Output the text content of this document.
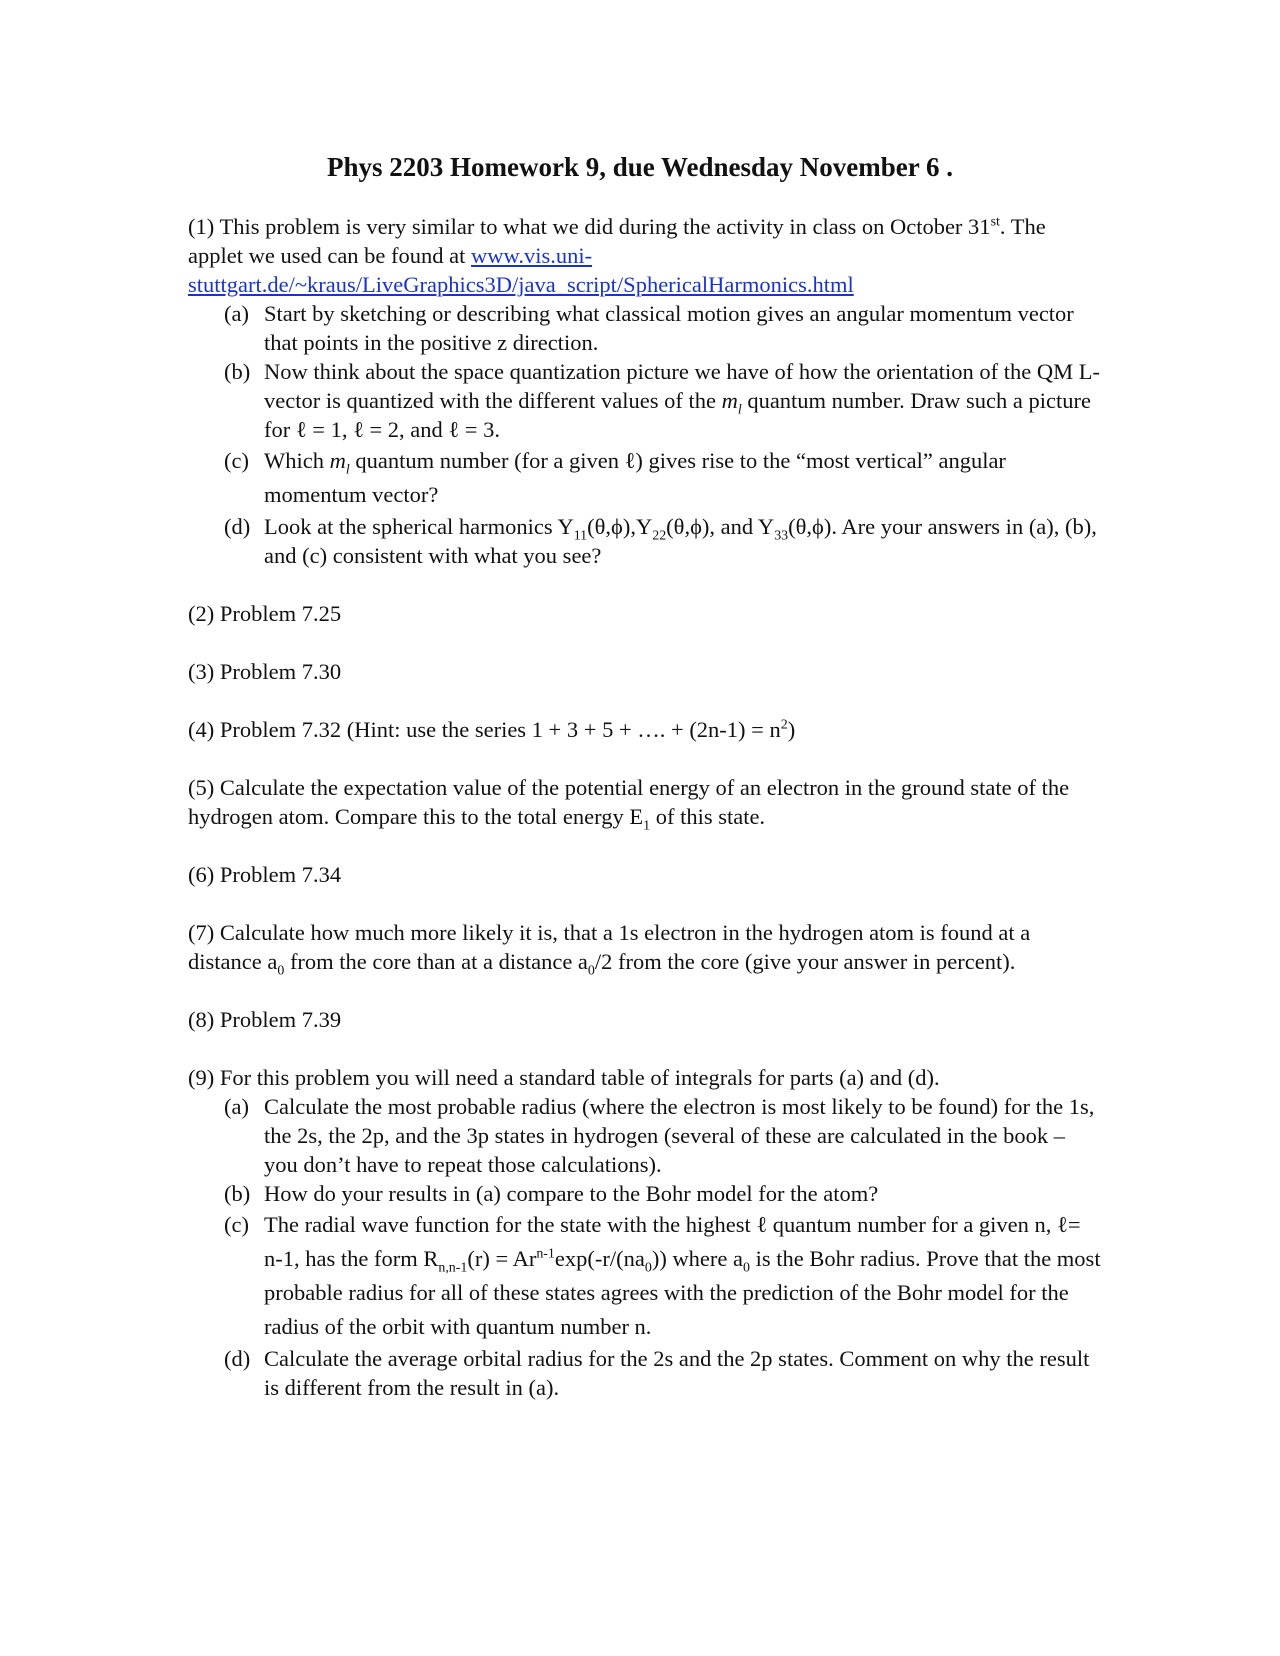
Phys 2203 Homework 9, due Wednesday November 6 .

(1) This problem is very similar to what we did during the activity in class on October 31st. The applet we used can be found at www.vis.uni-
stuttgart.de/~kraus/LiveGraphics3D/java_script/SphericalHarmonics.html

(a) Start by sketching or describing what classical motion gives an angular momentum vector that points in the positive z direction.
(b) Now think about the space quantization picture we have of how the orientation of the QM L-vector is quantized with the different values of the $m_l$ quantum number. Draw such a picture for ℓ = 1, ℓ = 2, and ℓ = 3.
(c) Which $m_l$ quantum number (for a given ℓ) gives rise to the “most vertical” angular momentum vector?
(d) Look at the spherical harmonics $Y_{11}(\theta,\phi),Y_{22}(\theta,\phi)$, and $Y_{33}(\theta,\phi)$. Are your answers in (a), (b), and (c) consistent with what you see?

(2) Problem 7.25

(3) Problem 7.30

(4) Problem 7.32 (Hint: use the series 1 + 3 + 5 + …. + $(2n-1) = n^2$)

(5) Calculate the expectation value of the potential energy of an electron in the ground state of the hydrogen atom. Compare this to the total energy $E_1$ of this state.

(6) Problem 7.34

(7) Calculate how much more likely it is, that a 1s electron in the hydrogen atom is found at a distance $a_0$ from the core than at a distance $a_0/2$ from the core (give your answer in percent).

(8) Problem 7.39

(9) For this problem you will need a standard table of integrals for parts (a) and (d).

(a) Calculate the most probable radius (where the electron is most likely to be found) for the 1s, the 2s, the 2p, and the 3p states in hydrogen (several of these are calculated in the book – you don’t have to repeat those calculations).
(b) How do your results in (a) compare to the Bohr model for the atom?
(c) The radial wave function for the state with the highest ℓ quantum number for a given n, ℓ= n-1, has the form $R_{n,n-1}(r) = Ar^{n-1}\exp(-r/(na_0))$ where $a_0$ is the Bohr radius. Prove that the most probable radius for all of these states agrees with the prediction of the Bohr model for the radius of the orbit with quantum number n.
(d) Calculate the average orbital radius for the 2s and the 2p states. Comment on why the result is different from the result in (a).
